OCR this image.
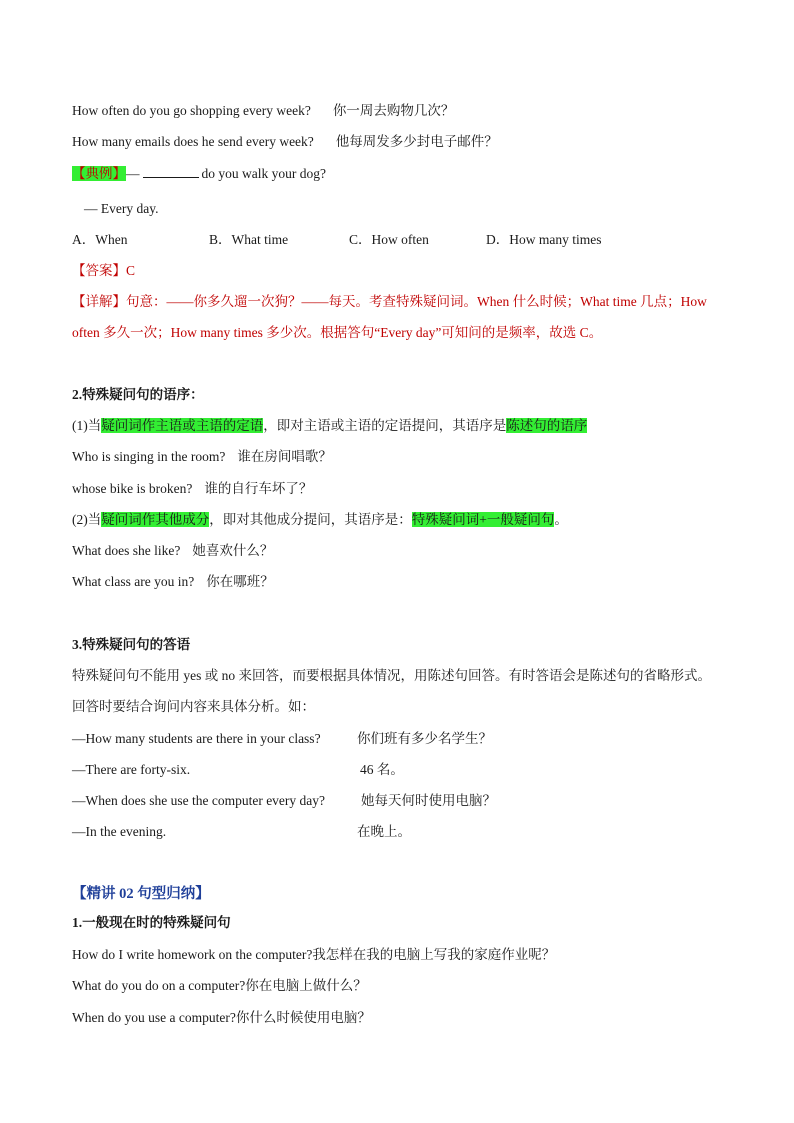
How often do you go shopping every week? 你一周去购物几次？
How many emails does he send every week? 他每周发多少封电子邮件？
【典例】—	do you walk your dog?
— Every day.
A．When	B．What time	C．How often	D．How many times
【答案】C
【详解】句意：——你多久遛一次狗？——每天。考查特殊疑问词。When 什么时候；What time 几点；How
often 多久一次；How many times 多少次。根据答句“Every day”可知问的是频率，故选 C。
2.特殊疑问句的语序：
(1)当疑问词作主语或主语的定语，即对主语或主语的定语提问，其语序是陈述句的语序
Who is singing in the room? 谁在房间唱歌？
whose bike is broken? 谁的自行车坏了？
(2)当疑问词作其他成分，即对其他成分提问，其语序是：特殊疑问词+一般疑问句。
What does she like? 她喜欢什么？
What class are you in? 你在哪班？
3.特殊疑问句的答语
特殊疑问句不能用 yes 或 no 来回答，而要根据具体情况，用陈述句回答。有时答语会是陈述句的省略形式。
回答时要结合询问内容来具体分析。如：
—How many students are there in your class?	你们班有多少名学生？
—There are forty-six.	46 名。
—When does she use the computer every day?	她每天何时使用电脑？
—In the evening.	在晚上。
【精讲 02 句型归纳】
1.一般现在时的特殊疑问句
How do I write homework on the computer?我怎样在我的电脑上写我的家庭作业呢？
What do you do on a computer?你在电脑上做什么？
When do you use a computer?你什么时候使用电脑？
